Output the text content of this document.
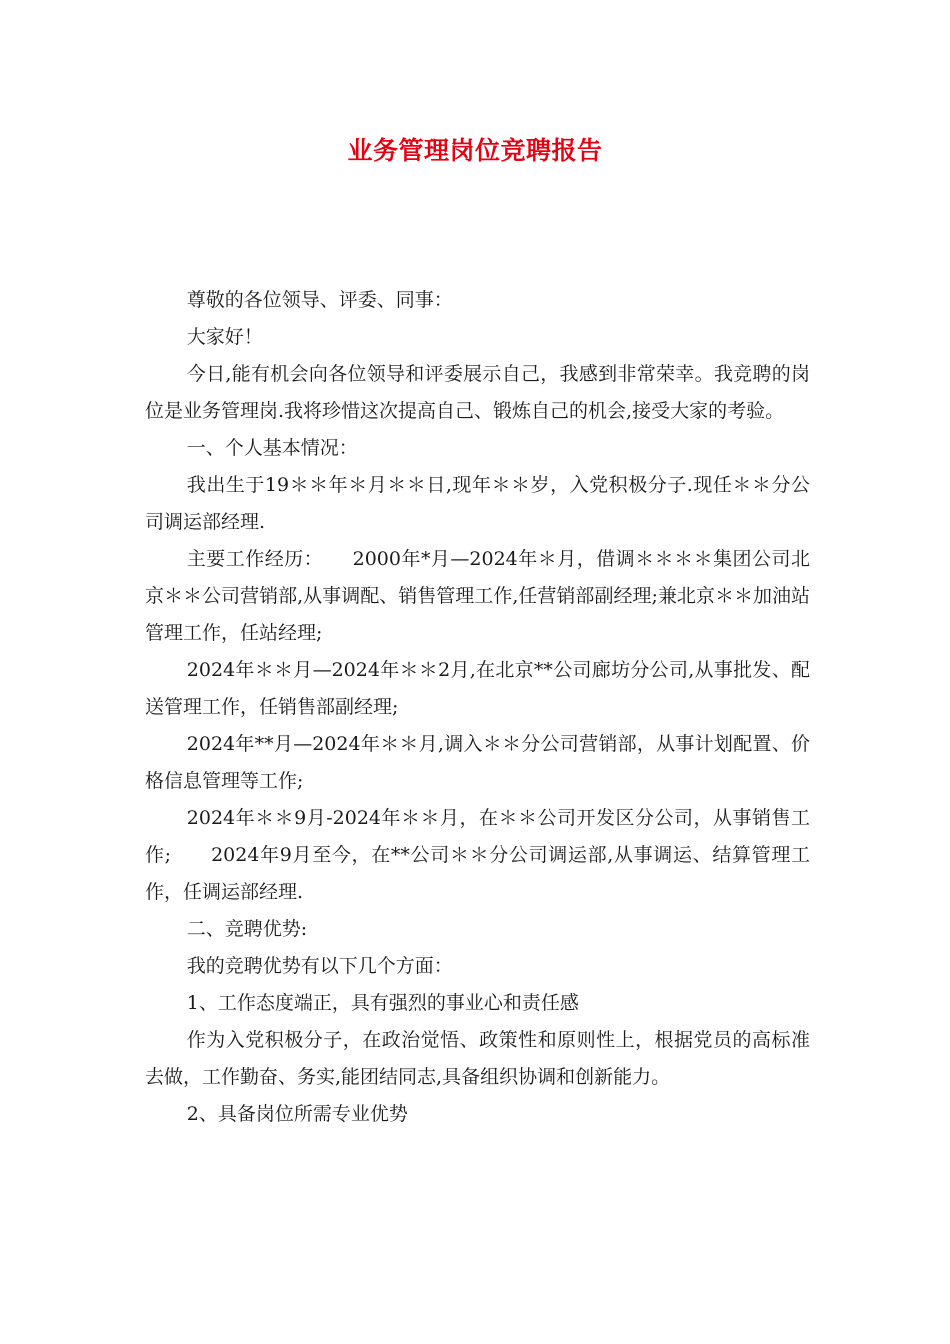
业务管理岗位竞聘报告

尊敬的各位领导、评委、同事：

大家好！

今日,能有机会向各位领导和评委展示自己，我感到非常荣幸。我竞聘的岗位是业务管理岗.我将珍惜这次提高自己、锻炼自己的机会,接受大家的考验。

一、个人基本情况：

我出生于19＊＊年＊月＊＊日,现年＊＊岁，入党积极分子.现任＊＊分公司调运部经理.

主要工作经历：　　2000年*月—2024年＊月，借调＊＊＊＊集团公司北京＊＊公司营销部,从事调配、销售管理工作,任营销部副经理;兼北京＊＊加油站管理工作，任站经理;

2024年＊＊月—2024年＊＊2月,在北京**公司廊坊分公司,从事批发、配送管理工作，任销售部副经理;

2024年**月—2024年＊＊月,调入＊＊分公司营销部，从事计划配置、价格信息管理等工作;

2024年＊＊9月-2024年＊＊月，在＊＊公司开发区分公司，从事销售工作;　　2024年9月至今，在**公司＊＊分公司调运部,从事调运、结算管理工作，任调运部经理.

二、竞聘优势:

我的竞聘优势有以下几个方面：

1、工作态度端正，具有强烈的事业心和责任感

作为入党积极分子，在政治觉悟、政策性和原则性上，根据党员的高标准去做，工作勤奋、务实,能团结同志,具备组织协调和创新能力。

2、具备岗位所需专业优势
